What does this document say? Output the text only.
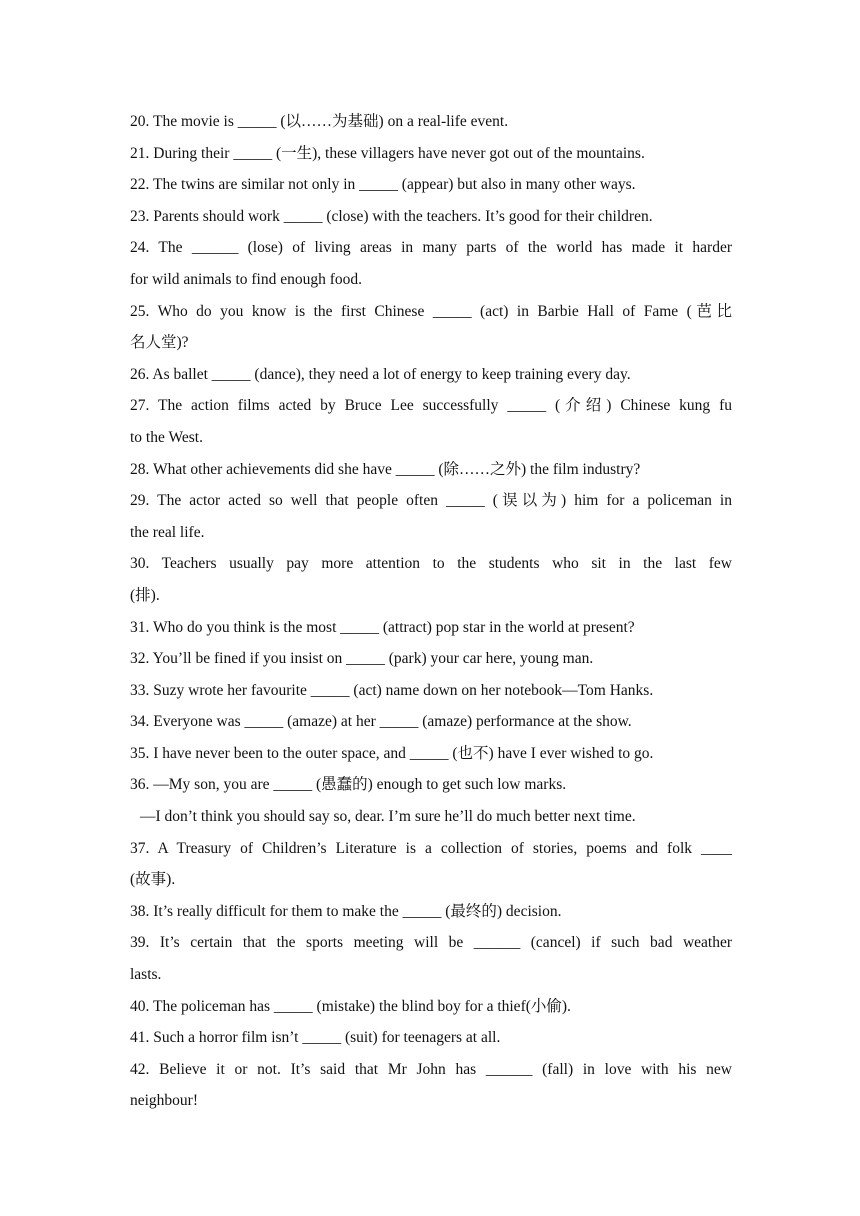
20. The movie is _____ (以……为基础) on a real-life event.
21. During their _____ (一生), these villagers have never got out of the mountains.
22. The twins are similar not only in _____ (appear) but also in many other ways.
23. Parents should work _____ (close) with the teachers. It’s good for their children.
24. The ______ (lose) of living areas in many parts of the world has made it harder
for wild animals to find enough food.
25. Who do you know is the first Chinese _____ (act) in Barbie Hall of Fame (芭比
名人堂)?
26. As ballet _____ (dance), they need a lot of energy to keep training every day.
27. The action films acted by Bruce Lee successfully _____ (介绍) Chinese kung fu
to the West.
28. What other achievements did she have _____ (除……之外) the film industry?
29. The actor acted so well that people often _____ (误以为) him for a policeman in
the real life.
30. Teachers usually pay more attention to the students who sit in the last few
(排).
31. Who do you think is the most _____ (attract) pop star in the world at present?
32. You’ll be fined if you insist on _____ (park) your car here, young man.
33. Suzy wrote her favourite _____ (act) name down on her notebook—Tom Hanks.
34. Everyone was _____ (amaze) at her _____ (amaze) performance at the show.
35. I have never been to the outer space, and _____ (也不) have I ever wished to go.
36. —My son, you are _____ (愚蠢的) enough to get such low marks.
—I don’t think you should say so, dear. I’m sure he’ll do much better next time.
37. A Treasury of Children’s Literature is a collection of stories, poems and folk ____
(故事).
38. It’s really difficult for them to make the _____ (最终的) decision.
39. It’s certain that the sports meeting will be ______ (cancel) if such bad weather
lasts.
40. The policeman has _____ (mistake) the blind boy for a thief(小偷).
41. Such a horror film isn’t _____ (suit) for teenagers at all.
42. Believe it or not. It’s said that Mr John has ______ (fall) in love with his new
neighbour!
